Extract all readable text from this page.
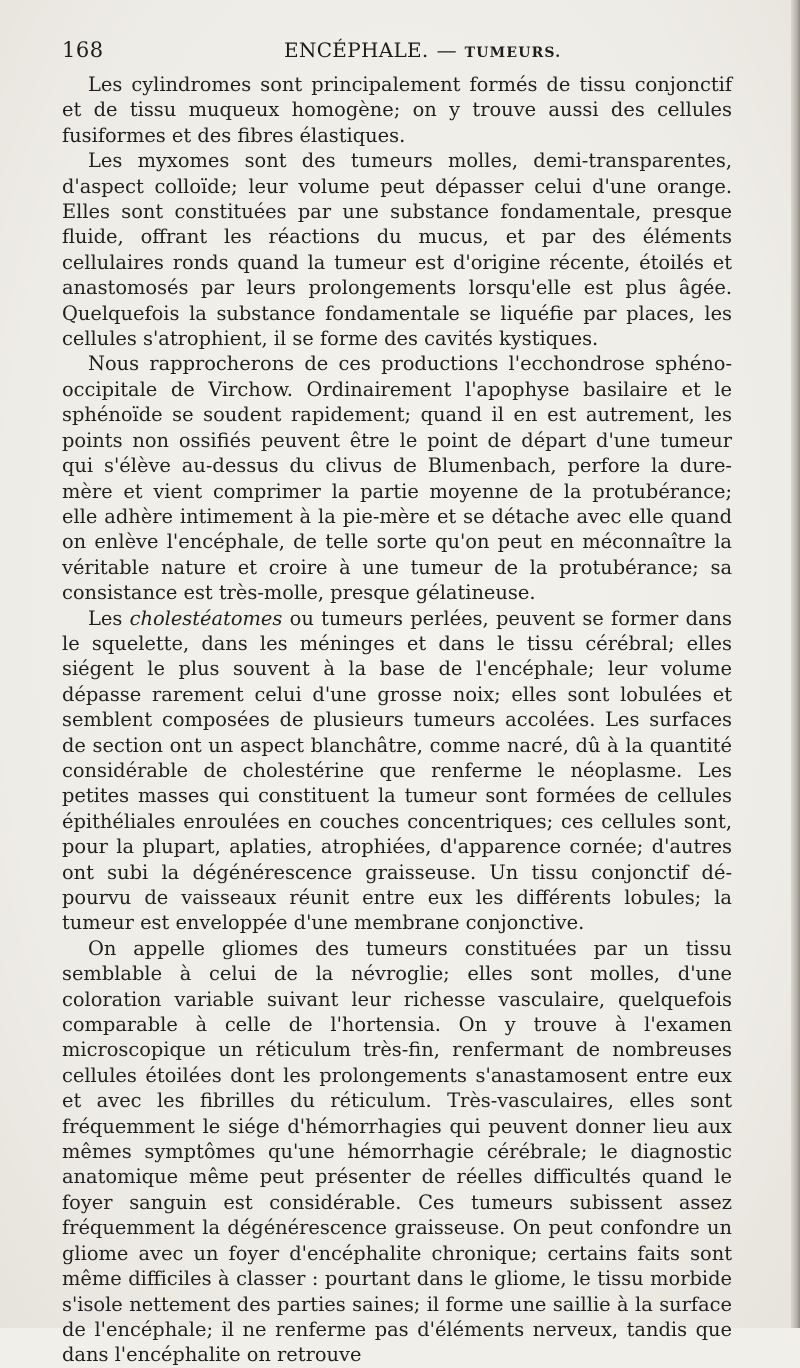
168	ENCÉPHALE. — TUMEURS.

Les cylindromes sont principalement formés de tissu conjonctif et de tissu muqueux homogène; on y trouve aussi des cellules fusiformes et des fibres élastiques.

Les myxomes sont des tumeurs molles, demi-transparentes, d'aspect colloïde; leur volume peut dépasser celui d'une orange. Elles sont constituées par une substance fondamentale, presque fluide, offrant les réactions du mucus, et par des éléments cellulaires ronds quand la tumeur est d'origine récente, étoilés et anastomosés par leurs prolongements lorsqu'elle est plus âgée. Quelquefois la substance fondamentale se liquéfie par places, les cellules s'atrophient, il se forme des cavités kystiques.

Nous rapprocherons de ces productions l'ecchondrose sphéno-occipitale de Virchow. Ordinairement l'apophyse basilaire et le sphénoïde se soudent rapidement; quand il en est autrement, les points non ossifiés peuvent être le point de départ d'une tumeur qui s'élève au-dessus du clivus de Blumenbach, perfore la dure-mère et vient comprimer la partie moyenne de la protubérance; elle adhère intimement à la pie-mère et se détache avec elle quand on enlève l'encéphale, de telle sorte qu'on peut en méconnaître la véritable nature et croire à une tumeur de la protubérance; sa consistance est très-molle, presque gélatineuse.

Les cholestéatomes ou tumeurs perlées, peuvent se former dans le squelette, dans les méninges et dans le tissu cérébral; elles siégent le plus souvent à la base de l'encéphale; leur volume dépasse rarement celui d'une grosse noix; elles sont lobulées et semblent composées de plusieurs tumeurs accolées. Les surfaces de section ont un aspect blanchâtre, comme nacré, dû à la quantité considérable de cholestérine que renferme le néoplasme. Les petites masses qui constituent la tumeur sont formées de cellules épithéliales enroulées en couches concentriques; ces cellules sont, pour la plupart, aplaties, atrophiées, d'apparence cornée; d'autres ont subi la dégénérescence graisseuse. Un tissu conjonctif dépourvu de vaisseaux réunit entre eux les différents lobules; la tumeur est enveloppée d'une membrane conjonctive.

On appelle gliomes des tumeurs constituées par un tissu semblable à celui de la névroglie; elles sont molles, d'une coloration variable suivant leur richesse vasculaire, quelquefois comparable à celle de l'hortensia. On y trouve à l'examen microscopique un réticulum très-fin, renfermant de nombreuses cellules étoilées dont les prolongements s'anastamosent entre eux et avec les fibrilles du réticulum. Très-vasculaires, elles sont fréquemment le siége d'hémorrhagies qui peuvent donner lieu aux mêmes symptômes qu'une hémorrhagie cérébrale; le diagnostic anatomique même peut présenter de réelles difficultés quand le foyer sanguin est considérable. Ces tumeurs subissent assez fréquemment la dégénérescence graisseuse. On peut confondre un gliome avec un foyer d'encéphalite chronique; certains faits sont même difficiles à classer : pourtant dans le gliome, le tissu morbide s'isole nettement des parties saines; il forme une saillie à la surface de l'encéphale; il ne renferme pas d'éléments nerveux, tandis que dans l'encéphalite on retrouve
